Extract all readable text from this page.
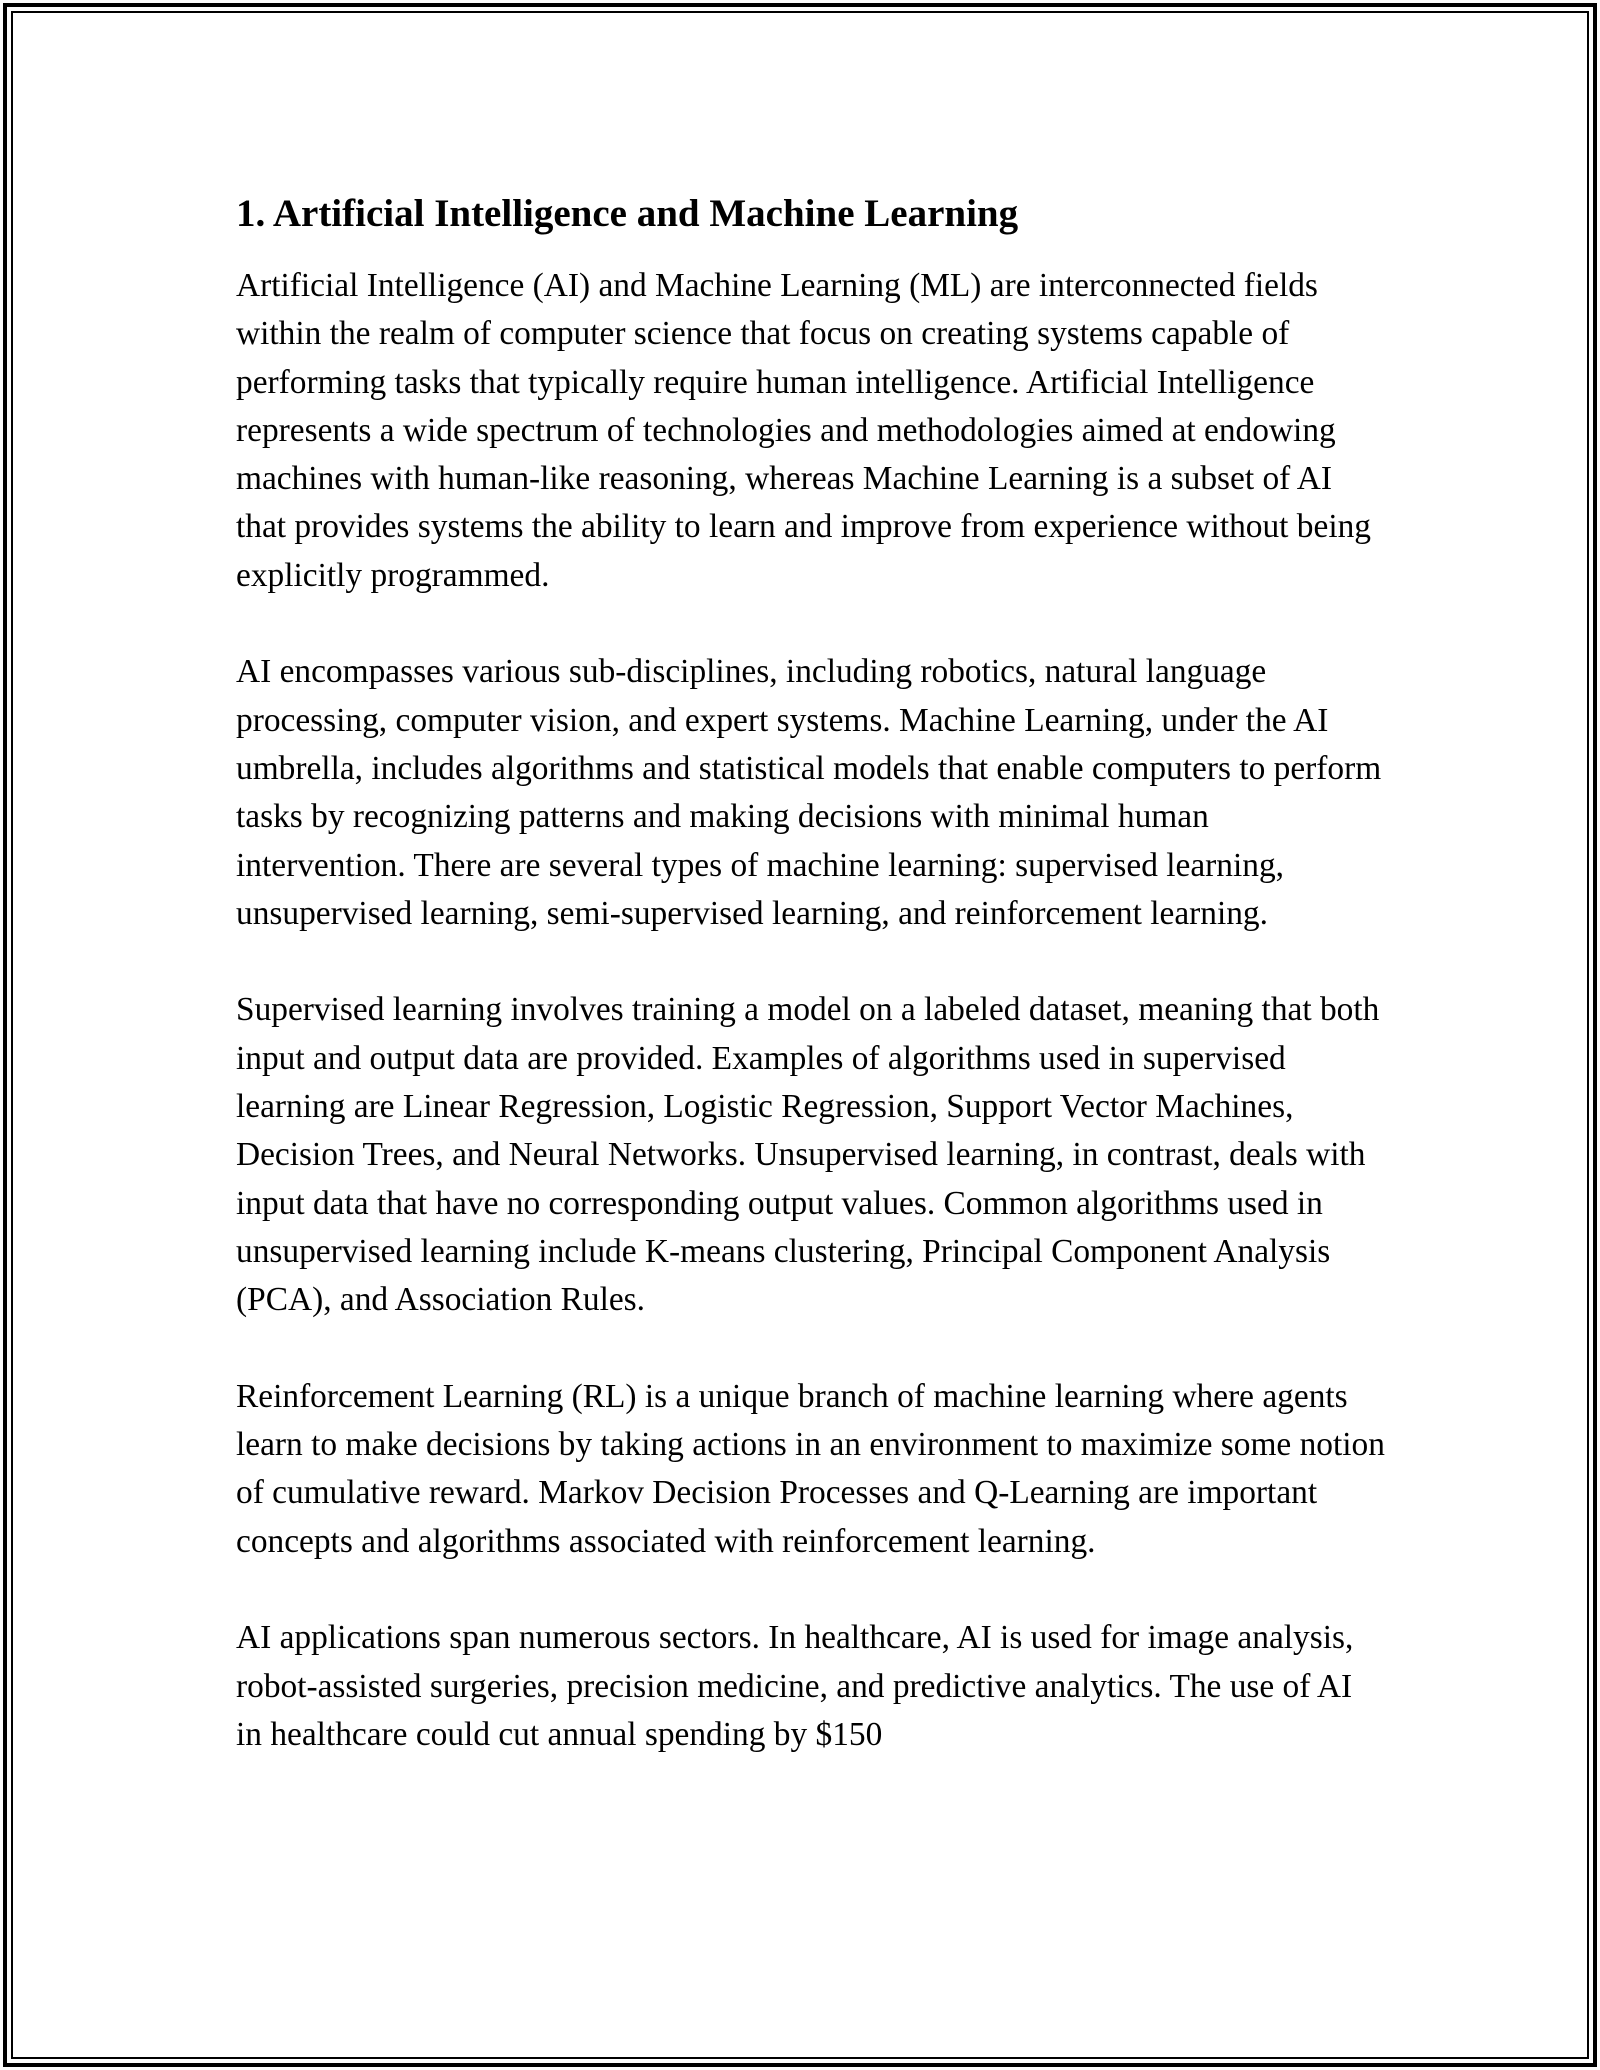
1. Artificial Intelligence and Machine Learning

Artificial Intelligence (AI) and Machine Learning (ML) are interconnected fields within the realm of computer science that focus on creating systems capable of performing tasks that typically require human intelligence. Artificial Intelligence represents a wide spectrum of technologies and methodologies aimed at endowing machines with human-like reasoning, whereas Machine Learning is a subset of AI that provides systems the ability to learn and improve from experience without being explicitly programmed.

AI encompasses various sub-disciplines, including robotics, natural language processing, computer vision, and expert systems. Machine Learning, under the AI umbrella, includes algorithms and statistical models that enable computers to perform tasks by recognizing patterns and making decisions with minimal human intervention. There are several types of machine learning: supervised learning, unsupervised learning, semi-supervised learning, and reinforcement learning.

Supervised learning involves training a model on a labeled dataset, meaning that both input and output data are provided. Examples of algorithms used in supervised learning are Linear Regression, Logistic Regression, Support Vector Machines, Decision Trees, and Neural Networks. Unsupervised learning, in contrast, deals with input data that have no corresponding output values. Common algorithms used in unsupervised learning include K-means clustering, Principal Component Analysis (PCA), and Association Rules.

Reinforcement Learning (RL) is a unique branch of machine learning where agents learn to make decisions by taking actions in an environment to maximize some notion of cumulative reward. Markov Decision Processes and Q-Learning are important concepts and algorithms associated with reinforcement learning.

AI applications span numerous sectors. In healthcare, AI is used for image analysis, robot-assisted surgeries, precision medicine, and predictive analytics. The use of AI in healthcare could cut annual spending by $150
